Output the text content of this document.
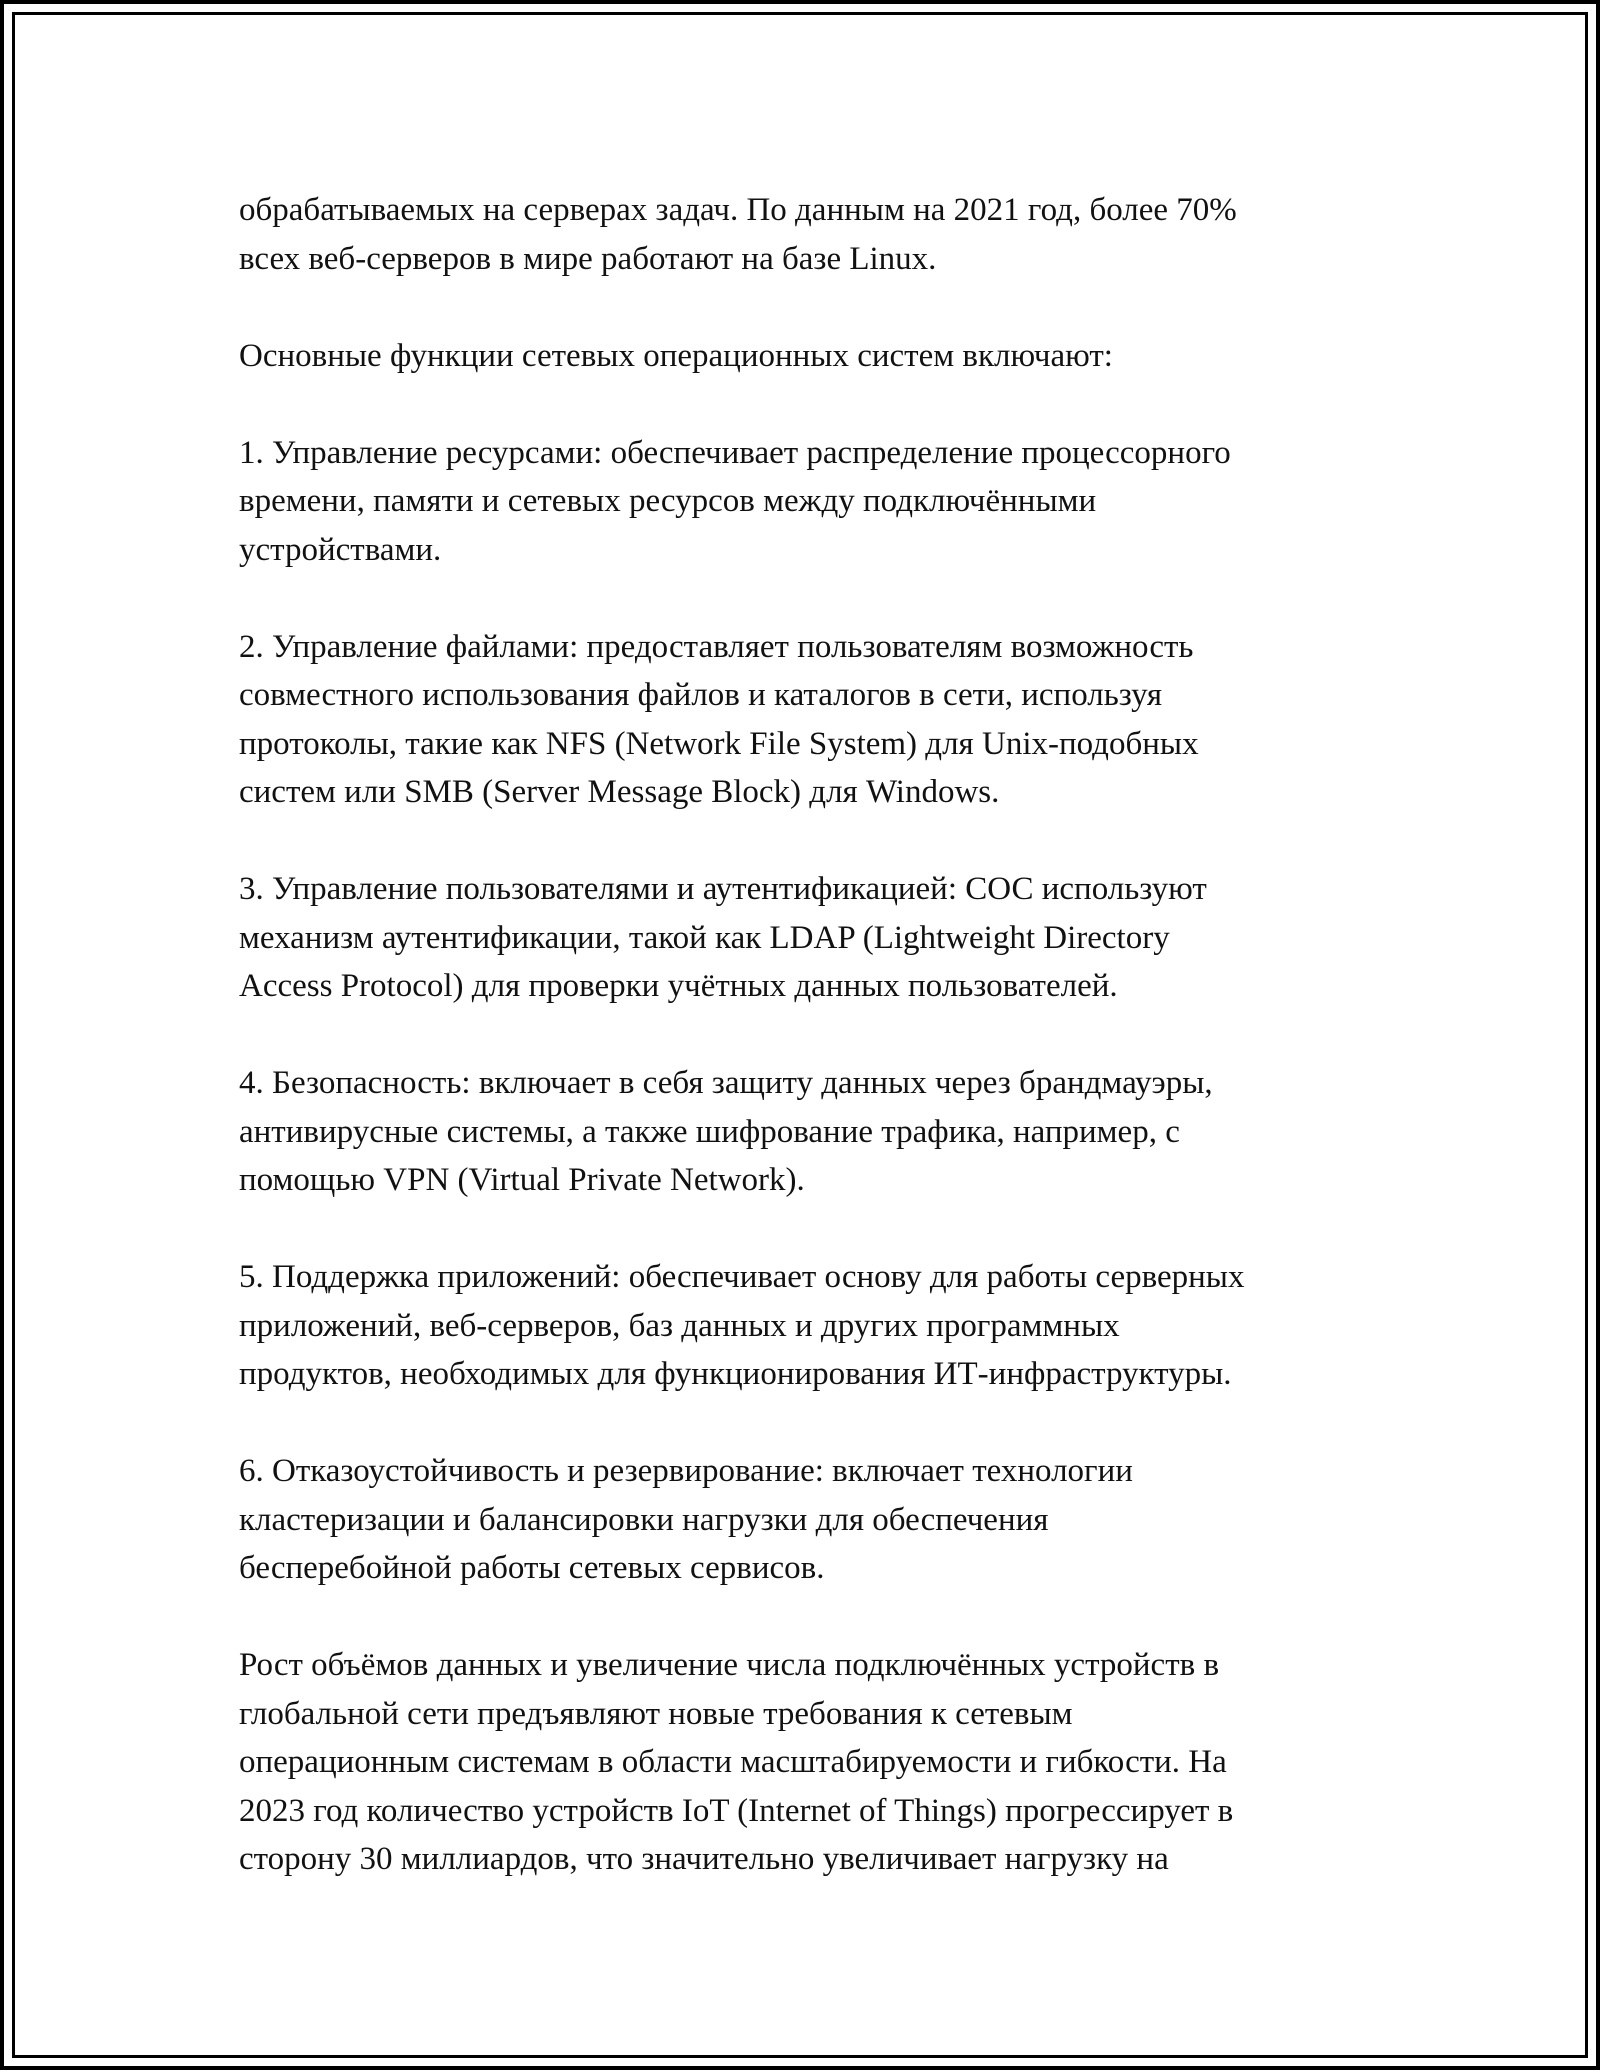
обрабатываемых на серверах задач. По данным на 2021 год, более 70%
всех веб-серверов в мире работают на базе Linux.

Основные функции сетевых операционных систем включают:

1. Управление ресурсами: обеспечивает распределение процессорного
времени, памяти и сетевых ресурсов между подключёнными
устройствами.

2. Управление файлами: предоставляет пользователям возможность
совместного использования файлов и каталогов в сети, используя
протоколы, такие как NFS (Network File System) для Unix-подобных
систем или SMB (Server Message Block) для Windows.

3. Управление пользователями и аутентификацией: СОС используют
механизм аутентификации, такой как LDAP (Lightweight Directory
Access Protocol) для проверки учётных данных пользователей.

4. Безопасность: включает в себя защиту данных через брандмауэры,
антивирусные системы, а также шифрование трафика, например, с
помощью VPN (Virtual Private Network).

5. Поддержка приложений: обеспечивает основу для работы серверных
приложений, веб-серверов, баз данных и других программных
продуктов, необходимых для функционирования ИТ-инфраструктуры.

6. Отказоустойчивость и резервирование: включает технологии
кластеризации и балансировки нагрузки для обеспечения
бесперебойной работы сетевых сервисов.

Рост объёмов данных и увеличение числа подключённых устройств в
глобальной сети предъявляют новые требования к сетевым
операционным системам в области масштабируемости и гибкости. На
2023 год количество устройств IoT (Internet of Things) прогрессирует в
сторону 30 миллиардов, что значительно увеличивает нагрузку на
